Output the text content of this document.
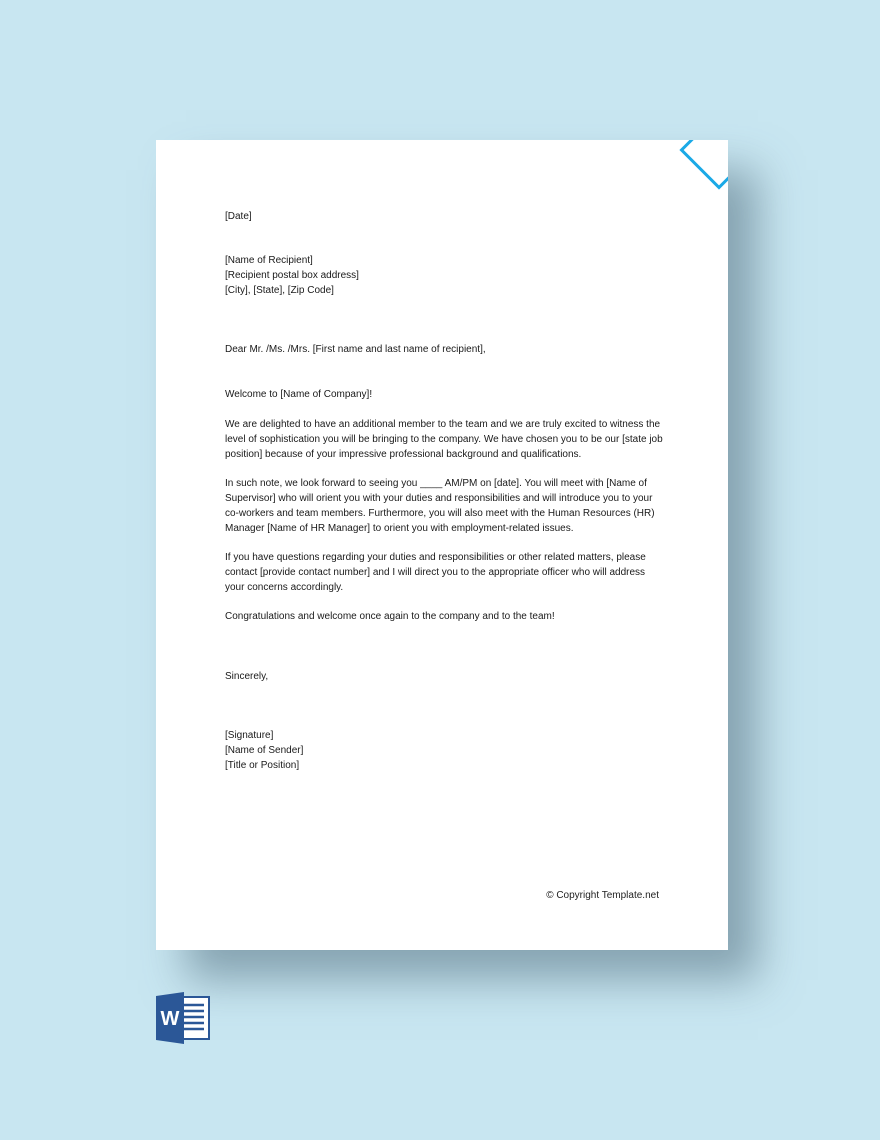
[Date]
[Name of Recipient]
[Recipient postal box address]
[City], [State], [Zip Code]
Dear Mr. /Ms. /Mrs. [First name and last name of recipient],
Welcome to [Name of Company]!
We are delighted to have an additional member to the team and we are truly excited to witness the
level of sophistication you will be bringing to the company. We have chosen you to be our [state job
position] because of your impressive professional background and qualifications.
In such note, we look forward to seeing you ____ AM/PM on [date]. You will meet with [Name of
Supervisor] who will orient you with your duties and responsibilities and will introduce you to your
co-workers and team members. Furthermore, you will also meet with the Human Resources (HR)
Manager [Name of HR Manager] to orient you with employment-related issues.
If you have questions regarding your duties and responsibilities or other related matters, please
contact [provide contact number] and I will direct you to the appropriate officer who will address
your concerns accordingly.
Congratulations and welcome once again to the company and to the team!
Sincerely,
[Signature]
[Name of Sender]
[Title or Position]
© Copyright Template.net
W
